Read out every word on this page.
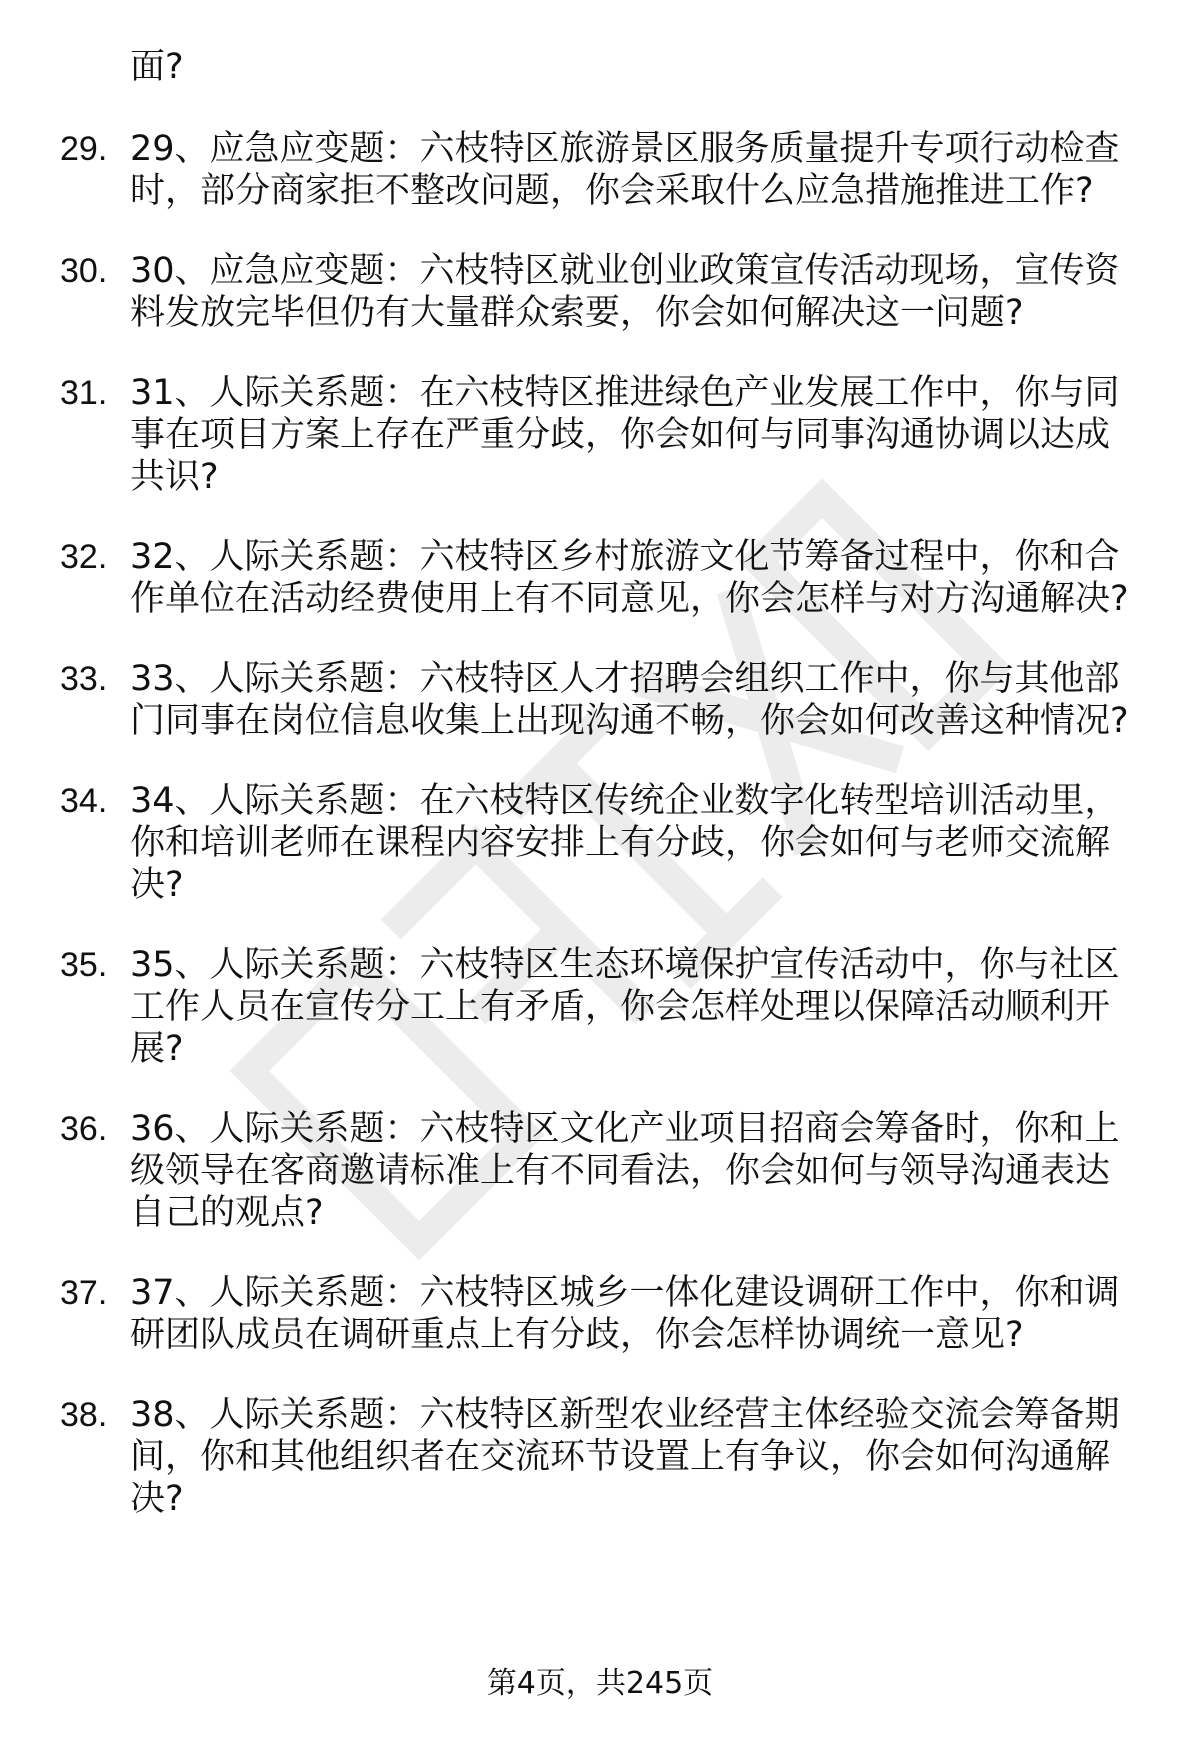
面?
29. 29、应急应变题：六枝特区旅游景区服务质量提升专项行动检查时，部分商家拒不整改问题，你会采取什么应急措施推进工作?
30. 30、应急应变题：六枝特区就业创业政策宣传活动现场，宣传资料发放完毕但仍有大量群众索要，你会如何解决这一问题?
31. 31、人际关系题：在六枝特区推进绿色产业发展工作中，你与同事在项目方案上存在严重分歧，你会如何与同事沟通协调以达成共识?
32. 32、人际关系题：六枝特区乡村旅游文化节筹备过程中，你和合作单位在活动经费使用上有不同意见，你会怎样与对方沟通解决?
33. 33、人际关系题：六枝特区人才招聘会组织工作中，你与其他部门同事在岗位信息收集上出现沟通不畅，你会如何改善这种情况?
34. 34、人际关系题：在六枝特区传统企业数字化转型培训活动里，你和培训老师在课程内容安排上有分歧，你会如何与老师交流解决?
35. 35、人际关系题：六枝特区生态环境保护宣传活动中，你与社区工作人员在宣传分工上有矛盾，你会怎样处理以保障活动顺利开展?
36. 36、人际关系题：六枝特区文化产业项目招商会筹备时，你和上级领导在客商邀请标准上有不同看法，你会如何与领导沟通表达自己的观点?
37. 37、人际关系题：六枝特区城乡一体化建设调研工作中，你和调研团队成员在调研重点上有分歧，你会怎样协调统一意见?
38. 38、人际关系题：六枝特区新型农业经营主体经验交流会筹备期间，你和其他组织者在交流环节设置上有争议，你会如何沟通解决?
第4页，共245页
